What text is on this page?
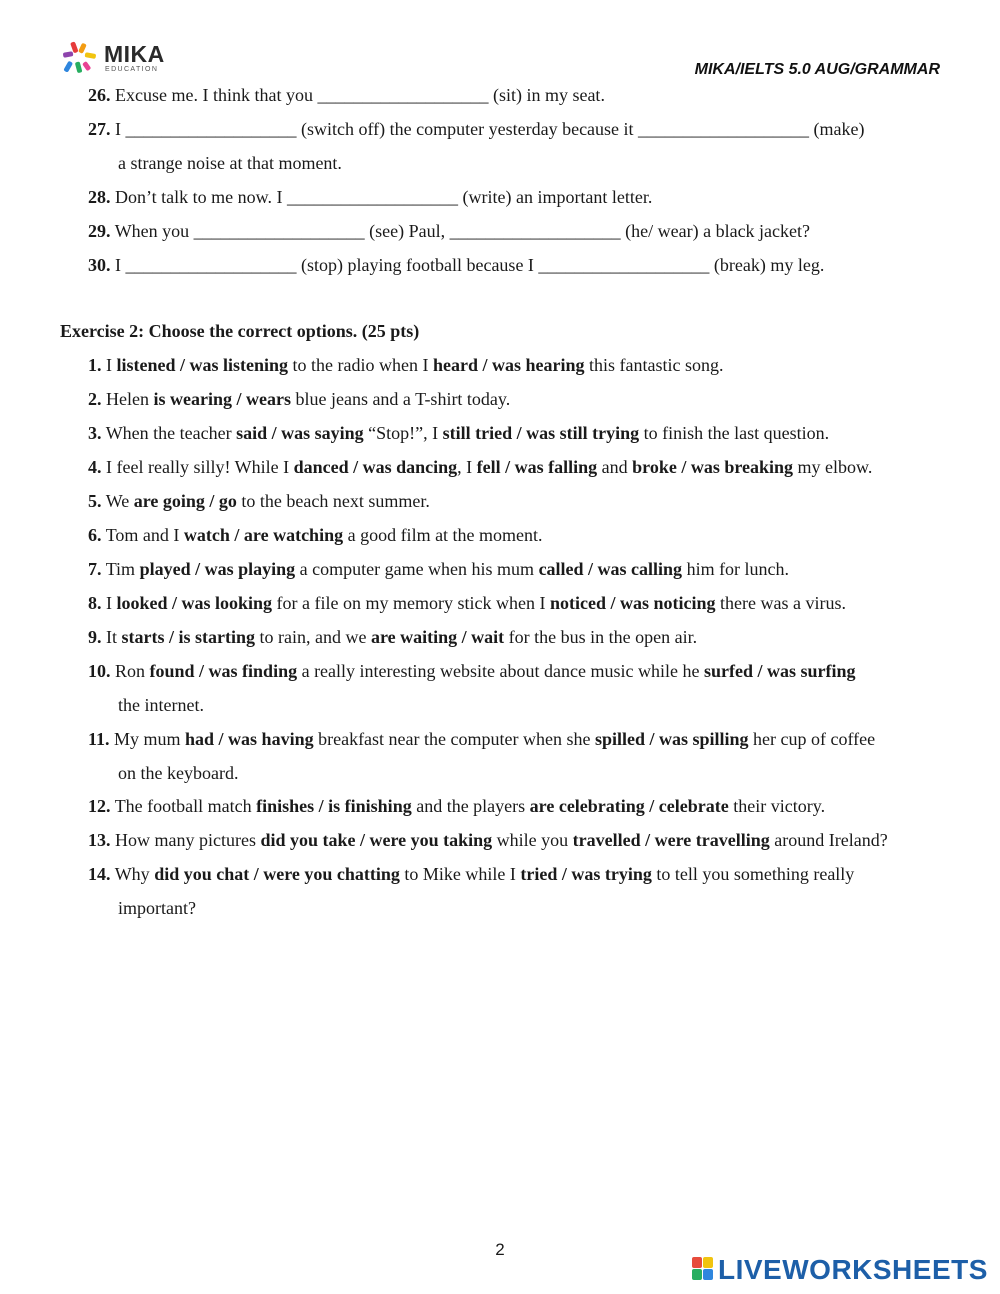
MIKA
EDUCATION	MIKA/IELTS 5.0 AUG/GRAMMAR
26. Excuse me. I think that you ___________________ (sit) in my seat.
27. I ___________________ (switch off) the computer yesterday because it ___________________ (make)
a strange noise at that moment.
28. Don’t talk to me now. I ___________________ (write) an important letter.
29. When you ___________________ (see) Paul, ___________________ (he/ wear) a black jacket?
30. I ___________________ (stop) playing football because I ___________________ (break) my leg.
Exercise 2: Choose the correct options. (25 pts)
1. I listened / was listening to the radio when I heard / was hearing this fantastic song.
2. Helen is wearing / wears blue jeans and a T-shirt today.
3. When the teacher said / was saying “Stop!”, I still tried / was still trying to finish the last question.
4. I feel really silly! While I danced / was dancing, I fell / was falling and broke / was breaking my elbow.
5. We are going / go to the beach next summer.
6. Tom and I watch / are watching a good film at the moment.
7. Tim played / was playing a computer game when his mum called / was calling him for lunch.
8. I looked / was looking for a file on my memory stick when I noticed / was noticing there was a virus.
9. It starts / is starting to rain, and we are waiting / wait for the bus in the open air.
10. Ron found / was finding a really interesting website about dance music while he surfed / was surfing
the internet.
11. My mum had / was having breakfast near the computer when she spilled / was spilling her cup of coffee
on the keyboard.
12. The football match finishes / is finishing and the players are celebrating / celebrate their victory.
13. How many pictures did you take / were you taking while you travelled / were travelling around Ireland?
14. Why did you chat / were you chatting to Mike while I tried / was trying to tell you something really
important?
2
LIVEWORKSHEETS
